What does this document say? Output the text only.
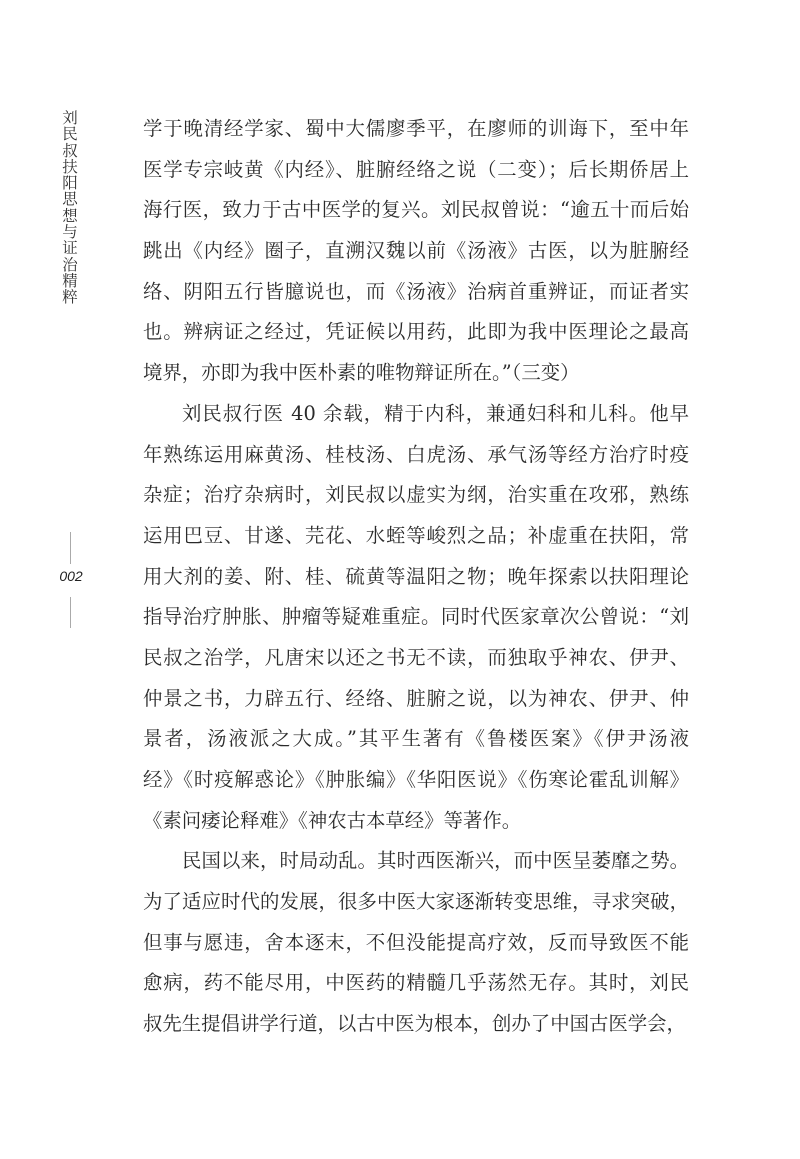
刘民叔扶阳思想与证治精粹
002
学于晚清经学家、蜀中大儒廖季平，在廖师的训诲下，至中年
医学专宗岐黄《内经》、脏腑经络之说（二变）；后长期侨居上
海行医，致力于古中医学的复兴。刘民叔曾说：“逾五十而后始
跳出《内经》圈子，直溯汉魏以前《汤液》古医，以为脏腑经
络、阴阳五行皆臆说也，而《汤液》治病首重辨证，而证者实
也。辨病证之经过，凭证候以用药，此即为我中医理论之最高
境界，亦即为我中医朴素的唯物辩证所在。”（三变）
刘民叔行医 40 余载，精于内科，兼通妇科和儿科。他早
年熟练运用麻黄汤、桂枝汤、白虎汤、承气汤等经方治疗时疫
杂症；治疗杂病时，刘民叔以虚实为纲，治实重在攻邪，熟练
运用巴豆、甘遂、芫花、水蛭等峻烈之品；补虚重在扶阳，常
用大剂的姜、附、桂、硫黄等温阳之物；晚年探索以扶阳理论
指导治疗肿胀、肿瘤等疑难重症。同时代医家章次公曾说：“刘
民叔之治学，凡唐宋以还之书无不读，而独取乎神农、伊尹、
仲景之书，力辟五行、经络、脏腑之说，以为神农、伊尹、仲
景者，汤液派之大成。”其平生著有《鲁楼医案》《伊尹汤液
经》《时疫解惑论》《肿胀编》《华阳医说》《伤寒论霍乱训解》
《素问痿论释难》《神农古本草经》等著作。
民国以来，时局动乱。其时西医渐兴，而中医呈萎靡之势。
为了适应时代的发展，很多中医大家逐渐转变思维，寻求突破，
但事与愿违，舍本逐末，不但没能提高疗效，反而导致医不能
愈病，药不能尽用，中医药的精髓几乎荡然无存。其时，刘民
叔先生提倡讲学行道，以古中医为根本，创办了中国古医学会，
